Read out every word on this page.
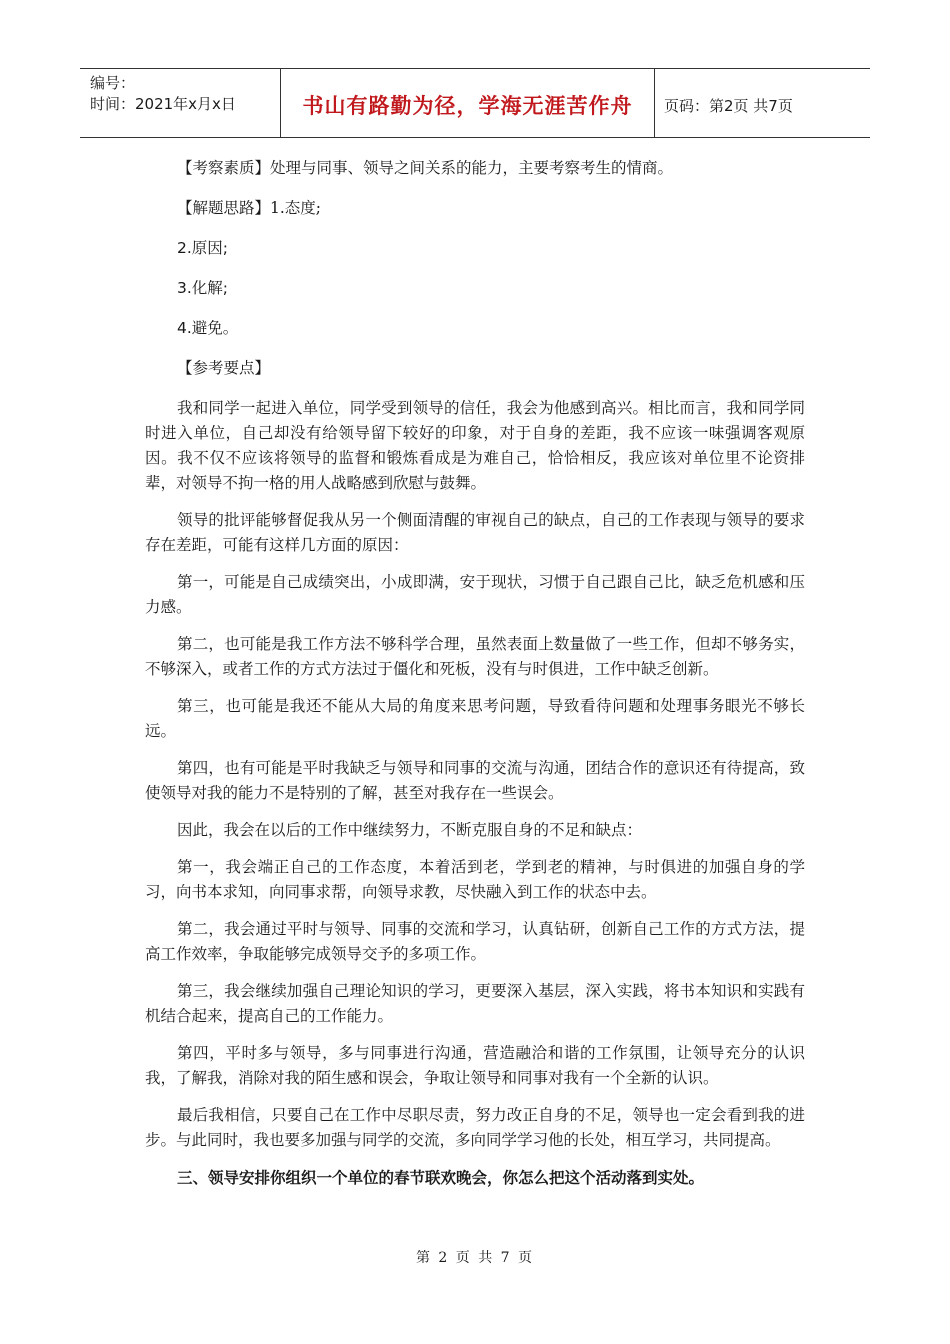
编号：
时间：2021年x月x日	书山有路勤为径，学海无涯苦作舟	页码：第2页 共7页

【考察素质】处理与同事、领导之间关系的能力，主要考察考生的情商。

【解题思路】1.态度;

2.原因;

3.化解;

4.避免。

【参考要点】

我和同学一起进入单位，同学受到领导的信任，我会为他感到高兴。相比而言，我和同学同时进入单位，自己却没有给领导留下较好的印象，对于自身的差距，我不应该一味强调客观原因。我不仅不应该将领导的监督和锻炼看成是为难自己，恰恰相反，我应该对单位里不论资排辈，对领导不拘一格的用人战略感到欣慰与鼓舞。

领导的批评能够督促我从另一个侧面清醒的审视自己的缺点，自己的工作表现与领导的要求存在差距，可能有这样几方面的原因：

第一，可能是自己成绩突出，小成即满，安于现状，习惯于自己跟自己比，缺乏危机感和压力感。

第二，也可能是我工作方法不够科学合理，虽然表面上数量做了一些工作，但却不够务实，不够深入，或者工作的方式方法过于僵化和死板，没有与时俱进，工作中缺乏创新。

第三，也可能是我还不能从大局的角度来思考问题，导致看待问题和处理事务眼光不够长远。

第四，也有可能是平时我缺乏与领导和同事的交流与沟通，团结合作的意识还有待提高，致使领导对我的能力不是特别的了解，甚至对我存在一些误会。

因此，我会在以后的工作中继续努力，不断克服自身的不足和缺点：

第一，我会端正自己的工作态度，本着活到老，学到老的精神，与时俱进的加强自身的学习，向书本求知，向同事求帮，向领导求教，尽快融入到工作的状态中去。

第二，我会通过平时与领导、同事的交流和学习，认真钻研，创新自己工作的方式方法，提高工作效率，争取能够完成领导交予的多项工作。

第三，我会继续加强自己理论知识的学习，更要深入基层，深入实践，将书本知识和实践有机结合起来，提高自己的工作能力。

第四，平时多与领导，多与同事进行沟通，营造融洽和谐的工作氛围，让领导充分的认识我，了解我，消除对我的陌生感和误会，争取让领导和同事对我有一个全新的认识。

最后我相信，只要自己在工作中尽职尽责，努力改正自身的不足，领导也一定会看到我的进步。与此同时，我也要多加强与同学的交流，多向同学学习他的长处，相互学习，共同提高。

三、领导安排你组织一个单位的春节联欢晚会，你怎么把这个活动落到实处。

第 2 页 共 7 页
